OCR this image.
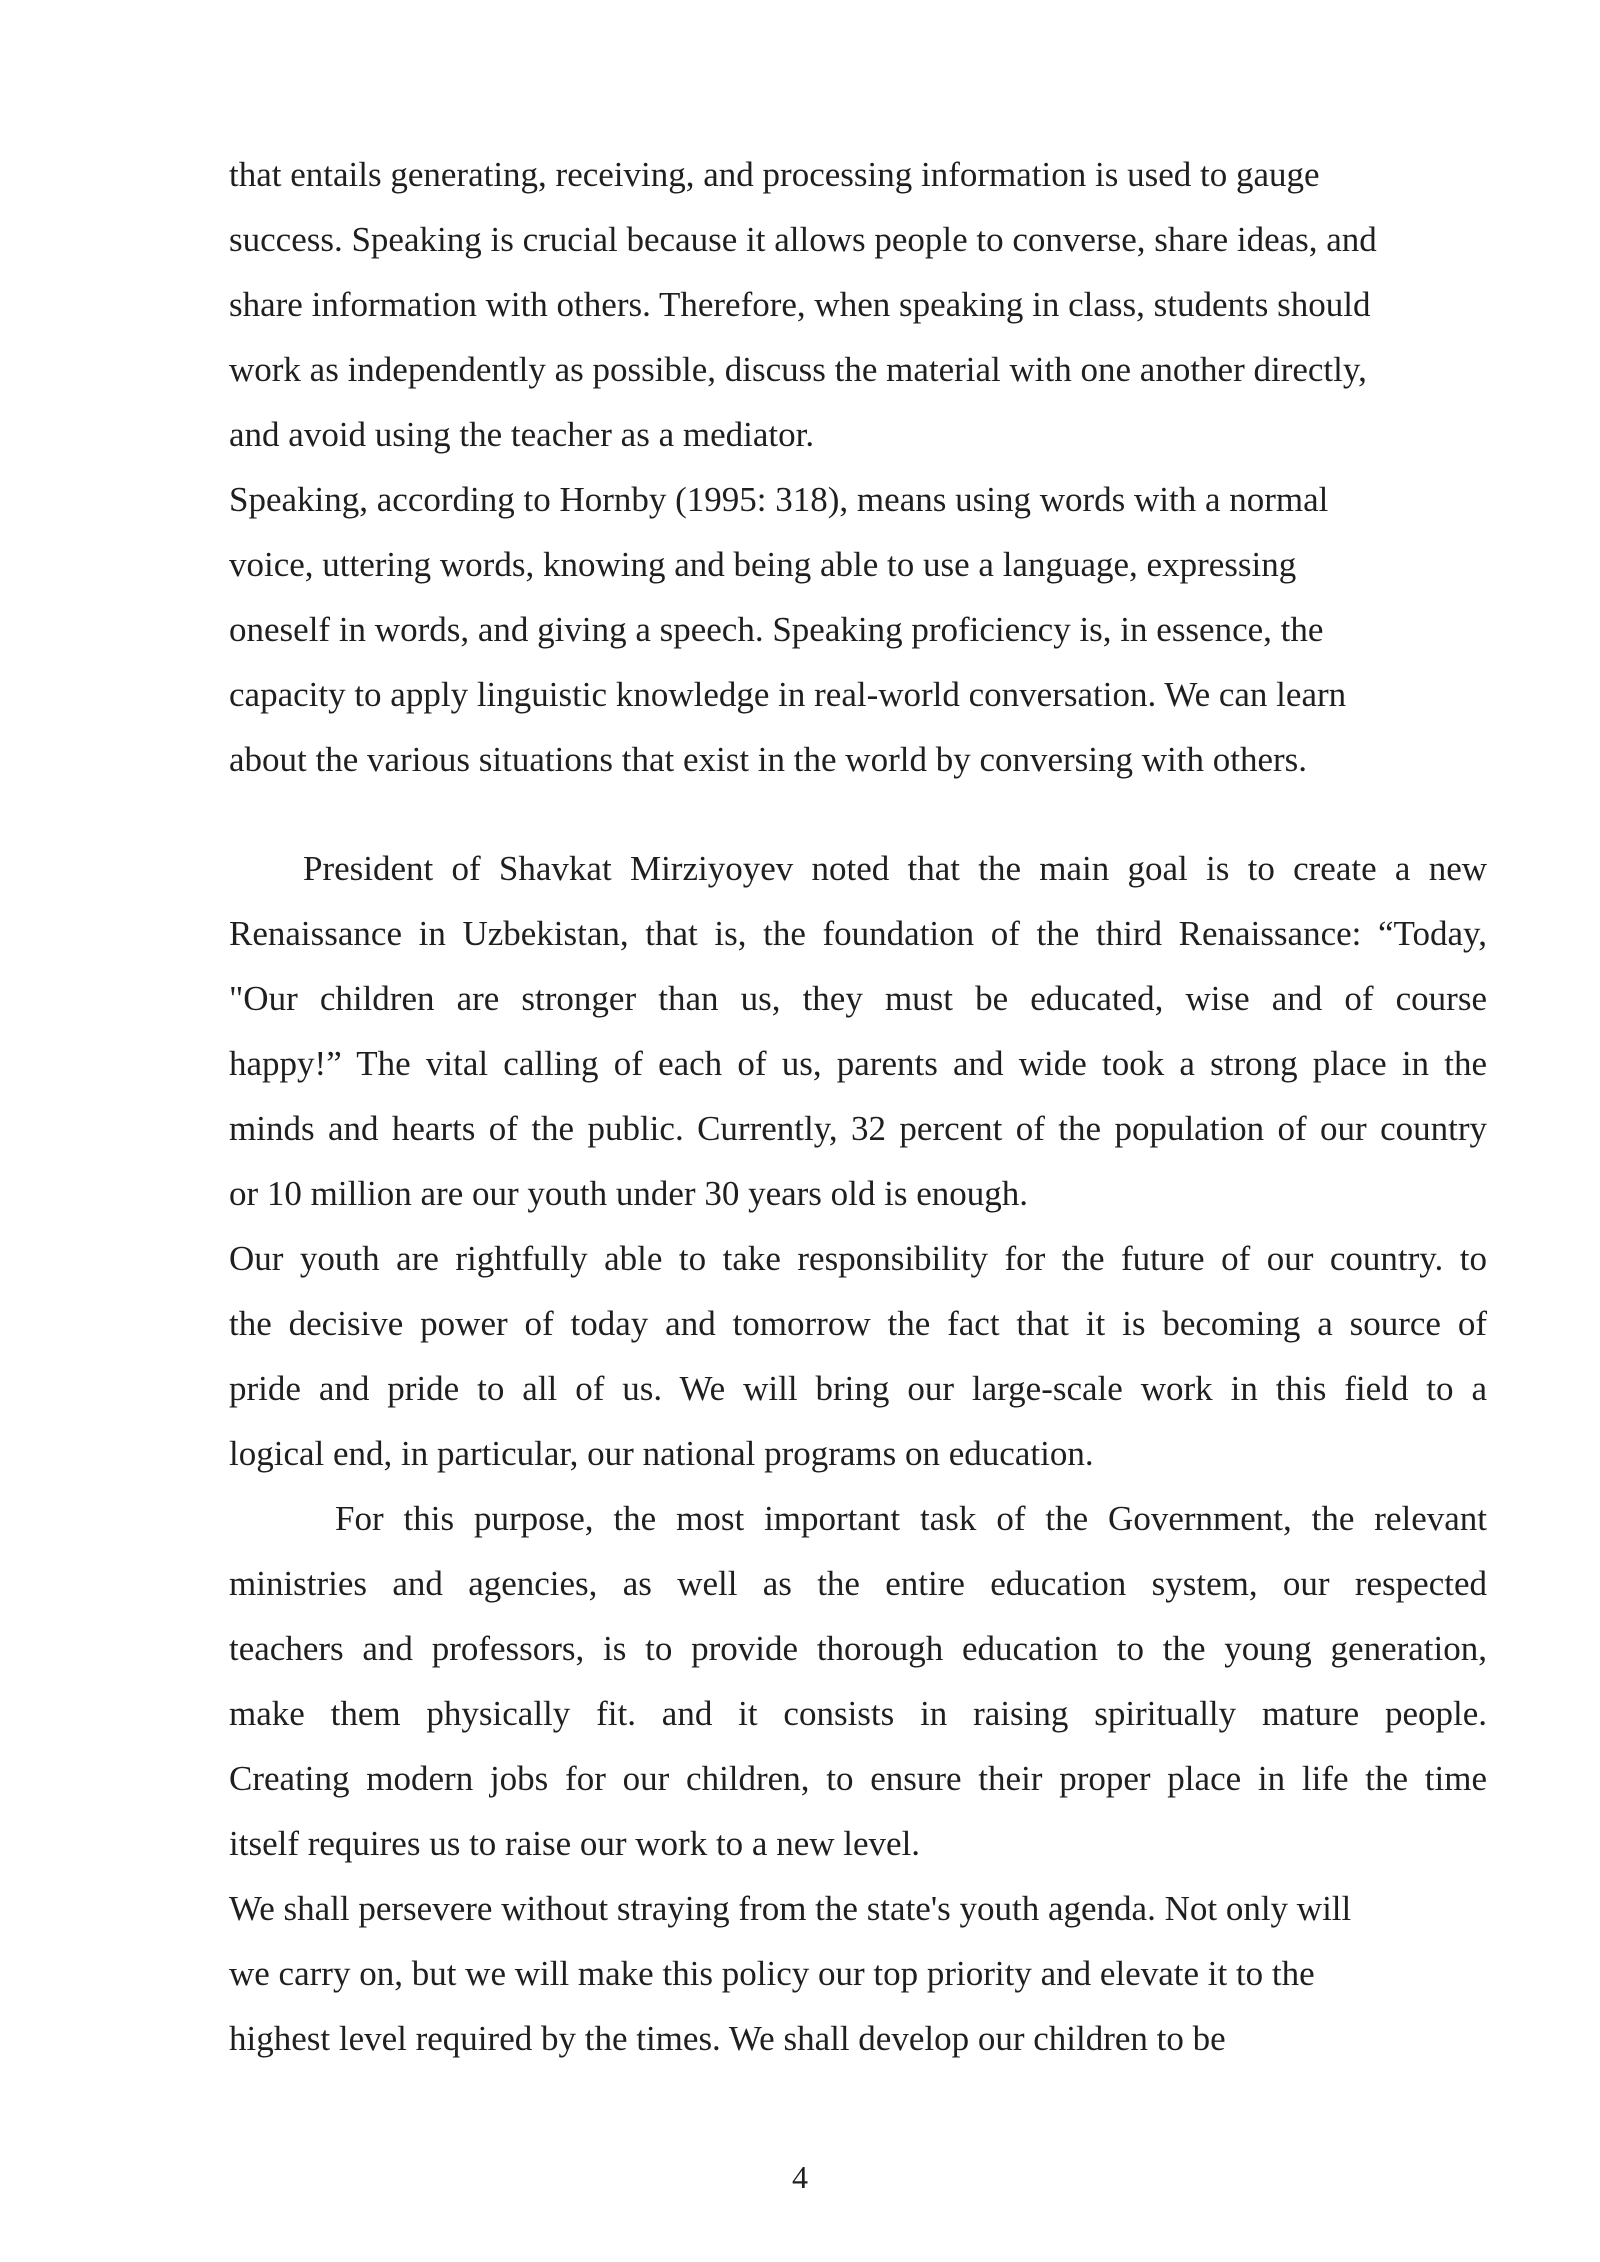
that entails generating, receiving, and processing information is used to gauge

success. Speaking is crucial because it allows people to converse, share ideas, and

share information with others. Therefore, when speaking in class, students should

work as independently as possible, discuss the material with one another directly,

and avoid using the teacher as a mediator.

Speaking, according to Hornby (1995: 318), means using words with a normal

voice, uttering words, knowing and being able to use a language, expressing

oneself in words, and giving a speech. Speaking proficiency is, in essence, the

capacity to apply linguistic knowledge in real-world conversation. We can learn

about the various situations that exist in the world by conversing with others.

President of Shavkat Mirziyoyev noted that the main goal is to create a new

Renaissance in Uzbekistan, that is, the foundation of the third Renaissance: “Today,

"Our children are stronger than us, they must be educated, wise and of course

happy!” The vital calling of each of us, parents and wide took a strong place in the

minds and hearts of the public. Currently, 32 percent of the population of our country

or 10 million are our youth under 30 years old is enough.

Our youth are rightfully able to take responsibility for the future of our country. to

the decisive power of today and tomorrow the fact that it is becoming a source of

pride and pride to all of us. We will bring our large-scale work in this field to a

logical end, in particular, our national programs on education.

For this purpose, the most important task of the Government, the relevant

ministries and agencies, as well as the entire education system, our respected

teachers and professors, is to provide thorough education to the young generation,

make them physically fit. and it consists in raising spiritually mature people.

Creating modern jobs for our children, to ensure their proper place in life the time

itself requires us to raise our work to a new level.

We shall persevere without straying from the state's youth agenda. Not only will

we carry on, but we will make this policy our top priority and elevate it to the

highest level required by the times. We shall develop our children to be

4
